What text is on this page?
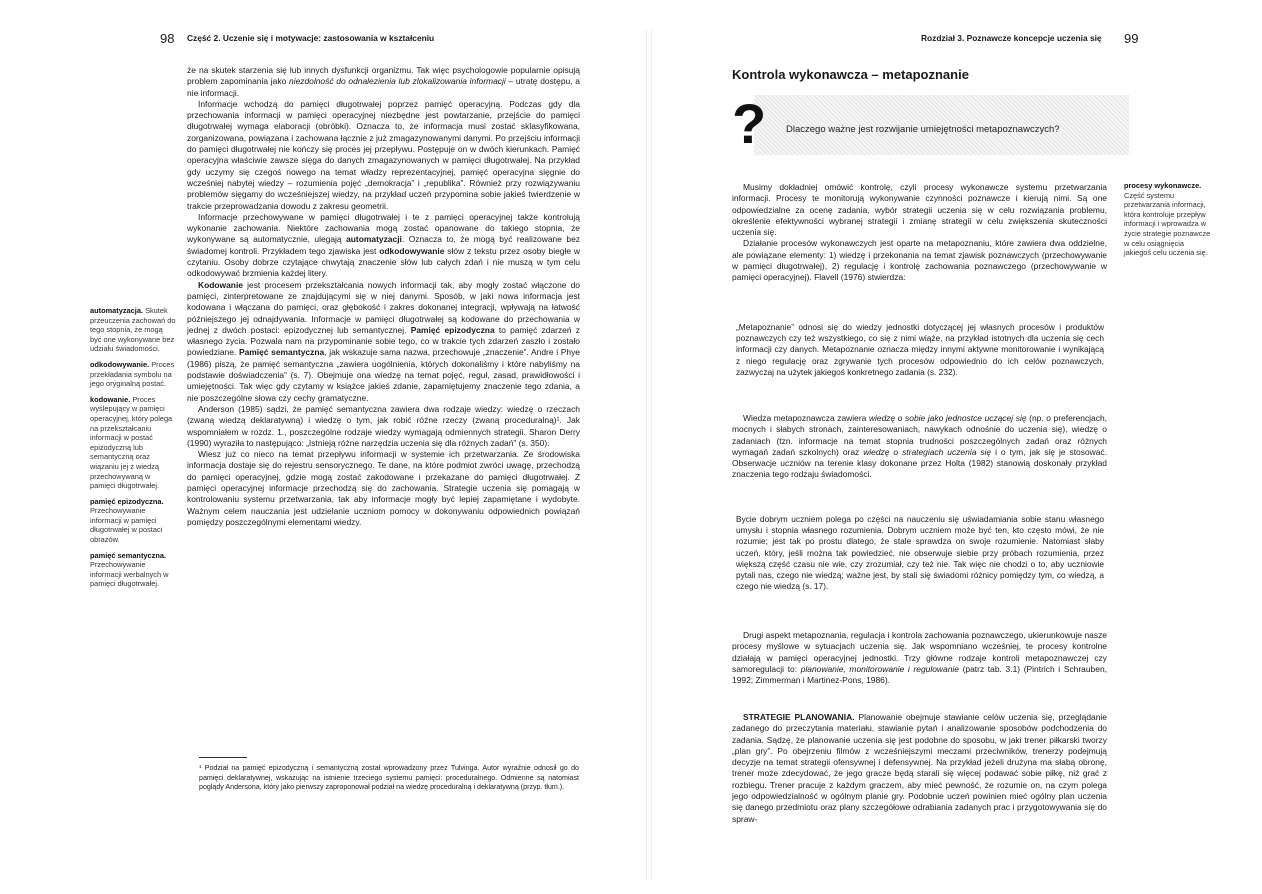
98 Część 2. Uczenie się i motywacje: zastosowania w kształceniu
automatyzacja. Skutek przeuczenia zachowań do tego stopnia, że mogą być one wykonywane bez udziału świadomości.
odkodowywanie. Proces przekładania symbolu na jego oryginalną postać.
kodowanie. Proces wyślepujący w pamięci operacyjnej, który polega na przekształcaniu informacji w postać epizodyczną lub semantyczną oraz wiązaniu jej z wiedzą przechowywaną w pamięci długotrwałej.
pamięć epizodyczna. Przechowywanie informacji w pamięci długotrwałej w postaci obrazów.
pamięć semantyczna. Przechowywanie informacji werbalnych w pamięci długotrwałej.

że na skutek starzenia się lub innych dysfunkcji organizmu. Tak więc psychologowie popularnie opisują problem zapominania jako niezdolność do odnalezienia lub zlokalizowania informacji – utratę dostępu, a nie informacji.

Informacje wchodzą do pamięci długotrwałej poprzez pamięć operacyjną. Podczas gdy dla przechowania informacji w pamięci operacyjnej niezbędne jest powtarzanie, przejście do pamięci długotrwałej wymaga elaboracji (obróbki). Oznacza to, że informacja musi zostać sklasyfikowana, zorganizowana, powiązana i zachowana łącznie z już zmagazynowanymi danymi. Po przejściu informacji do pamięci długotrwałej nie kończy się proces jej przepływu. Postępuje on w dwóch kierunkach. Pamięć operacyjna właściwie zawsze sięga do danych zmagazynowanych w pamięci długotrwałej. Na przykład gdy uczymy się czegoś nowego na temat władzy reprezentacyjnej, pamięć operacyjna sięgnie do wcześniej nabytej wiedzy – rozumienia pojęć „demokracja” i „republika”. Również przy rozwiązywaniu problemów sięgamy do wcześniejszej wiedzy, na przykład uczeń przypomina sobie jakieś twierdzenie w trakcie przeprowadzania dowodu z zakresu geometrii.

Informacje przechowywane w pamięci długotrwałej i te z pamięci operacyjnej także kontrolują wykonanie zachowania. Niektóre zachowania mogą zostać opanowane do takiego stopnia, że wykonywane są automatycznie, ulegają automatyzacji. Oznacza to, że mogą być realizowane bez świadomej kontroli. Przykładem tego zjawiska jest odkodowywanie słów z tekstu przez osoby biegłe w czytaniu. Osoby dobrze czytające chwytają znaczenie słów lub całych zdań i nie muszą w tym celu odkodowywać brzmienia każdej litery.

Kodowanie jest procesem przekształcania nowych informacji tak, aby mogły zostać włączone do pamięci, zinterpretowane ze znajdującymi się w niej danymi. Sposób, w jaki nowa informacja jest kodowana i włączana do pamięci, oraz głębokość i zakres dokonanej integracji, wpływają na łatwość późniejszego jej odnajdywania. Informacje w pamięci długotrwałej są kodowane do przechowania w jednej z dwóch postaci: epizodycznej lub semantycznej. Pamięć epizodyczna to pamięć zdarzeń z własnego życia. Pozwala nam na przypominanie sobie tego, co w trakcie tych zdarzeń zaszło i zostało powiedziane. Pamięć semantyczna, jak wskazuje sama nazwa, przechowuje „znaczenie”. Andre i Phye (1986) piszą, że pamięć semantyczna „zawiera uogólnienia, których dokonaliśmy i które nabyliśmy na podstawie doświadczenia” (s. 7). Obejmuje ona wiedzę na temat pojęć, reguł, zasad, prawidłowości i umiejętności. Tak więc gdy czytamy w książce jakieś zdanie, zapamiętujemy znaczenie tego zdania, a nie poszczególne słowa czy cechy gramatyczne.

Anderson (1985) sądzi, że pamięć semantyczna zawiera dwa rodzaje wiedzy: wiedzę o rzeczach (zwaną wiedzą deklaratywną) i wiedzę o tym, jak robić różne rzeczy (zwaną proceduralną)¹. Jak wspomniałem w rozdz. 1., poszczególne rodzaje wiedzy wymagają odmiennych strategii. Sharon Derry (1990) wyraziła to następująco: „Istnieją różne narzędzia uczenia się dla różnych zadań” (s. 350).

Wiesz już co nieco na temat przepływu informacji w systemie ich przetwarzania. Ze środowiska informacja dostaje się do rejestru sensorycznego. Te dane, na które podmiot zwróci uwagę, przechodzą do pamięci operacyjnej, gdzie mogą zostać zakodowane i przekazane do pamięci długotrwałej. Z pamięci operacyjnej informacje przechodzą się do zachowania. Strategie uczenia się pomagają w kontrolowaniu systemu przetwarzania, tak aby informacje mogły być lepiej zapamiętane i wydobyte. Ważnym celem nauczania jest udzielanie uczniom pomocy w dokonywaniu odpowiednich powiązań pomiędzy poszczególnymi elementami wiedzy.

¹ Podział na pamięć epizodyczną i semantyczną został wprowadzony przez Tulvinga. Autor wyraźnie odnosił go do pamięci deklaratywnej, wskazując na istnienie trzeciego systemu pamięci: proceduralnego. Odmienne są natomiast poglądy Andersona, który jako pierwszy zaproponował podział na wiedzę proceduralną i deklaratywną (przyp. tłum.).
Rozdział 3. Poznawcze koncepcje uczenia się 99
Kontrola wykonawcza – metapoznanie
? Dlaczego ważne jest rozwijanie umiejętności metapoznawczych?
procesy wykonawcze. Część systemu przetwarzania informacji, która kontroluje przepływ informacji i wprowadza w życie strategie poznawcze w celu osiągnięcia jakiegoś celu uczenia się.

Musimy dokładniej omówić kontrolę, czyli procesy wykonawcze systemu przetwarzania informacji. Procesy te monitorują wykonywanie czynności poznawcze i kierują nimi. Są one odpowiedzialne za ocenę zadania, wybór strategii uczenia się w celu rozwiązania problemu, określenie efektywności wybranej strategii i zmianę strategii w celu zwiększenia skuteczności uczenia się.

Działanie procesów wykonawczych jest oparte na metapoznaniu, które zawiera dwa oddzielne, ale powiązane elementy: 1) wiedzę i przekonania na temat zjawisk poznawczych (przechowywanie w pamięci długotrwałej), 2) regulację i kontrolę zachowania poznawczego (przechowywanie w pamięci operacyjnej). Flavell (1976) stwierdza:

„Metapoznanie” odnosi się do wiedzy jednostki dotyczącej jej własnych procesów i produktów poznawczych czy też wszystkiego, co się z nimi wiąże, na przykład istotnych dla uczenia się cech informacji czy danych. Metapoznanie oznacza między innymi aktywne monitorowanie i wynikającą z niego regulację oraz zgrywanie tych procesów odpowiednio do ich celów poznawczych, zazwyczaj na użytek jakiegoś konkretnego zadania (s. 232).

Wiedza metapoznawcza zawiera wiedzę o sobie jako jednostce uczącej się (np. o preferencjach, mocnych i słabych stronach, zainteresowaniach, nawykach odnośnie do uczenia się), wiedzę o zadaniach (tzn. informacje na temat stopnia trudności poszczególnych zadań oraz różnych wymagań zadań szkolnych) oraz wiedzę o strategiach uczenia się i o tym, jak się je stosować. Obserwacje uczniów na terenie klasy dokonane przez Holta (1982) stanowią doskonały przykład znaczenia tego rodzaju świadomości.

Bycie dobrym uczniem polega po części na nauczeniu się uświadamiania sobie stanu własnego umysłu i stopnia własnego rozumienia. Dobrym uczniem może być ten, kto często mówi, że nie rozumie; jest tak po prostu dlatego, że stale sprawdza on swoje rozumienie. Natomiast słaby uczeń, który, jeśli można tak powiedzieć, nie obserwuje siebie przy próbach rozumienia, przez większą część czasu nie wie, czy zrozumiał, czy też nie. Tak więc nie chodzi o to, aby uczniowie pytali nas, czego nie wiedzą; ważne jest, by stali się świadomi różnicy pomiędzy tym, co wiedzą, a czego nie wiedzą (s. 17).

Drugi aspekt metapoznania, regulacja i kontrola zachowania poznawczego, ukierunkowuje nasze procesy myślowe w sytuacjach uczenia się. Jak wspomniano wcześniej, te procesy kontrolne działają w pamięci operacyjnej jednostki. Trzy główne rodzaje kontroli metapoznawczej czy samoregulacji to: planowanie, monitorowanie i regulowanie (patrz tab. 3.1) (Pintrich i Schrauben, 1992; Zimmerman i Martinez-Pons, 1986).

STRATEGIE PLANOWANIA. Planowanie obejmuje stawianie celów uczenia się, przeglądanie zadanego do przeczytania materiału, stawianie pytań i analizowanie sposobów podchodzenia do zadania. Sądzę, że planowanie uczenia się jest podobne do sposobu, w jaki trener piłkarski tworzy „plan gry”. Po obejrzeniu filmów z wcześniejszymi meczami przeciwników, trenerzy podejmują decyzje na temat strategii ofensywnej i defensywnej. Na przykład jeżeli drużyna ma słabą obronę, trener może zdecydować, że jego gracze będą starali się więcej podawać sobie piłkę, niż grać z rozbiegu. Trener pracuje z każdym graczem, aby mieć pewność, że rozumie on, na czym polega jego odpowiedzialność w ogólnym planie gry. Podobnie uczeń powinien mieć ogólny plan uczenia się danego przedmiotu oraz plany szczegółowe odrabiania zadanych prac i przygotowywania się do spraw-
